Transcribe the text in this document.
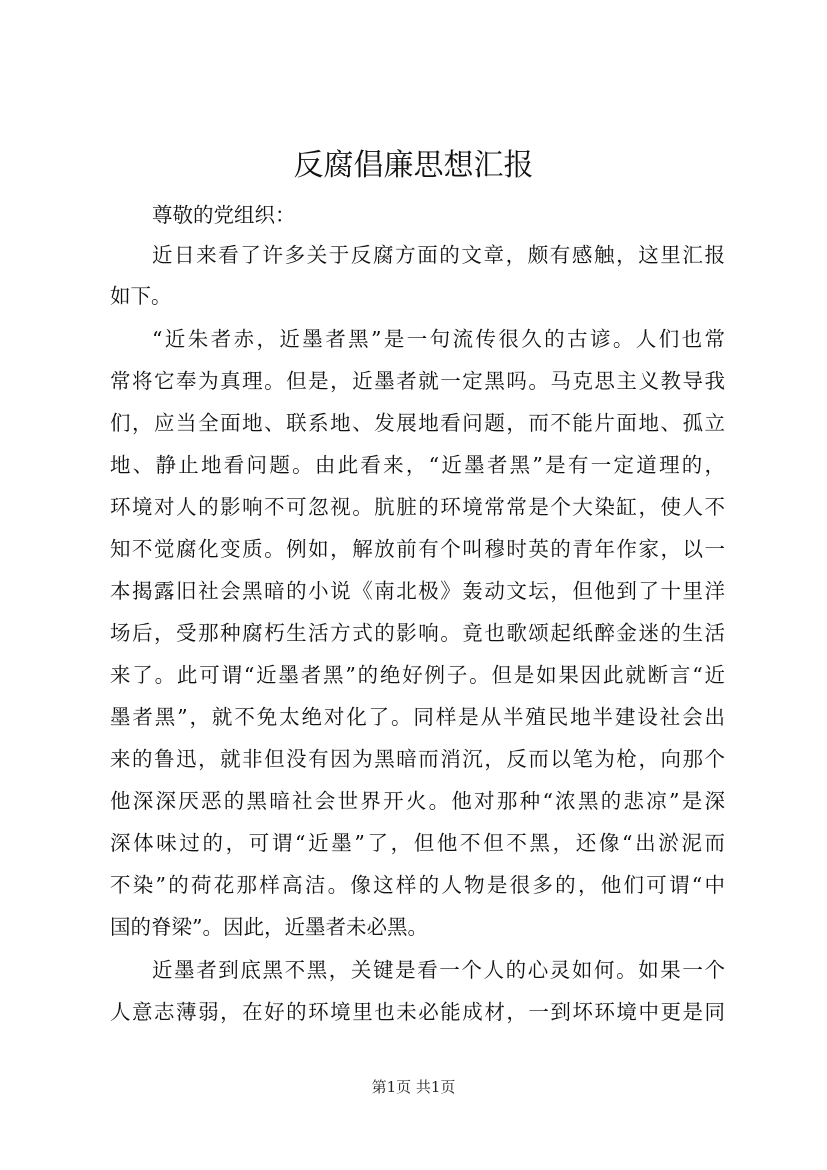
反腐倡廉思想汇报
尊敬的党组织：
近日来看了许多关于反腐方面的文章，颇有感触，这里汇报
如下。
“近朱者赤，近墨者黑”是一句流传很久的古谚。人们也常
常将它奉为真理。但是，近墨者就一定黑吗。马克思主义教导我
们，应当全面地、联系地、发展地看问题，而不能片面地、孤立
地、静止地看问题。由此看来，“近墨者黑”是有一定道理的，
环境对人的影响不可忽视。肮脏的环境常常是个大染缸，使人不
知不觉腐化变质。例如，解放前有个叫穆时英的青年作家，以一
本揭露旧社会黑暗的小说《南北极》轰动文坛，但他到了十里洋
场后，受那种腐朽生活方式的影响。竟也歌颂起纸醉金迷的生活
来了。此可谓“近墨者黑”的绝好例子。但是如果因此就断言“近
墨者黑”，就不免太绝对化了。同样是从半殖民地半建设社会出
来的鲁迅，就非但没有因为黑暗而消沉，反而以笔为枪，向那个
他深深厌恶的黑暗社会世界开火。他对那种“浓黑的悲凉”是深
深体味过的，可谓“近墨”了，但他不但不黑，还像“出淤泥而
不染”的荷花那样高洁。像这样的人物是很多的，他们可谓“中
国的脊梁”。因此，近墨者未必黑。
近墨者到底黑不黑，关键是看一个人的心灵如何。如果一个
人意志薄弱，在好的环境里也未必能成材，一到坏环境中更是同
第1页 共1页
